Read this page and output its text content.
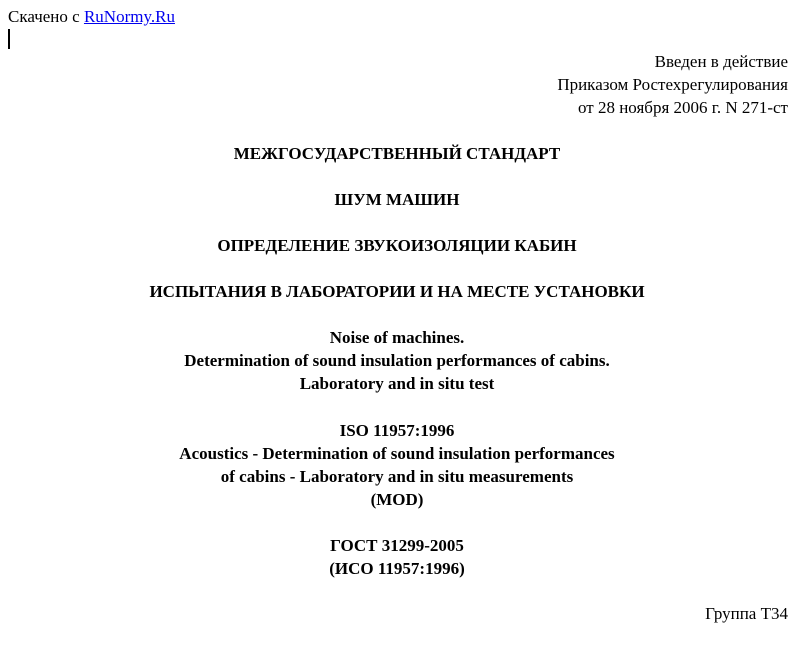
Скачено с RuNormy.Ru
Введен в действие
Приказом Ростехрегулирования
от 28 ноября 2006 г. N 271-ст
МЕЖГОСУДАРСТВЕННЫЙ СТАНДАРТ
ШУМ МАШИН
ОПРЕДЕЛЕНИЕ ЗВУКОИЗОЛЯЦИИ КАБИН
ИСПЫТАНИЯ В ЛАБОРАТОРИИ И НА МЕСТЕ УСТАНОВКИ
Noise of machines.
Determination of sound insulation performances of cabins.
Laboratory and in situ test
ISO 11957:1996
Acoustics - Determination of sound insulation performances
of cabins - Laboratory and in situ measurements
(MOD)
ГОСТ 31299-2005
(ИСО 11957:1996)
Группа Т34
